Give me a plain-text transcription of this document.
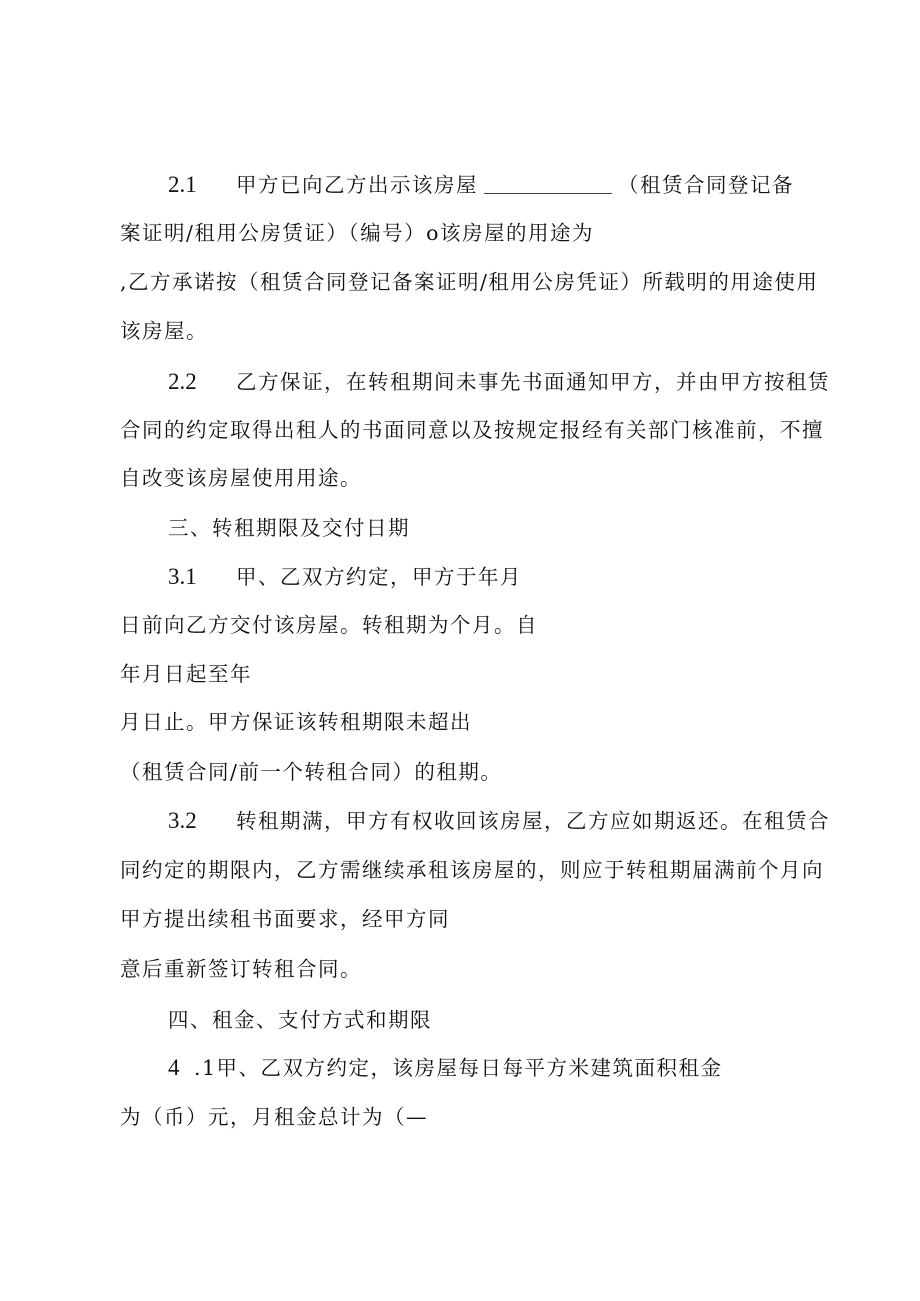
2.1 甲方已向乙方出示该房屋	（租赁合同登记备
案证明/租用公房赁证）（编号）o该房屋的用途为
,乙方承诺按（租赁合同登记备案证明/租用公房凭证）所载明的用途使用
该房屋。
2.2 乙方保证，在转租期间未事先书面通知甲方，并由甲方按租赁
合同的约定取得出租人的书面同意以及按规定报经有关部门核准前，不擅
自改变该房屋使用用途。
三、转租期限及交付日期
3.1 甲、乙双方约定，甲方于年月
日前向乙方交付该房屋。转租期为个月。自
年月日起至年
月日止。甲方保证该转租期限未超出
（租赁合同/前一个转租合同）的租期。
3.2 转租期满，甲方有权收回该房屋，乙方应如期返还。在租赁合
同约定的期限内，乙方需继续承租该房屋的，则应于转租期届满前个月向
甲方提出续租书面要求，经甲方同
意后重新签订转租合同。
四、租金、支付方式和期限
4 .1甲、乙双方约定，该房屋每日每平方米建筑面积租金
为（币）元，月租金总计为（—
